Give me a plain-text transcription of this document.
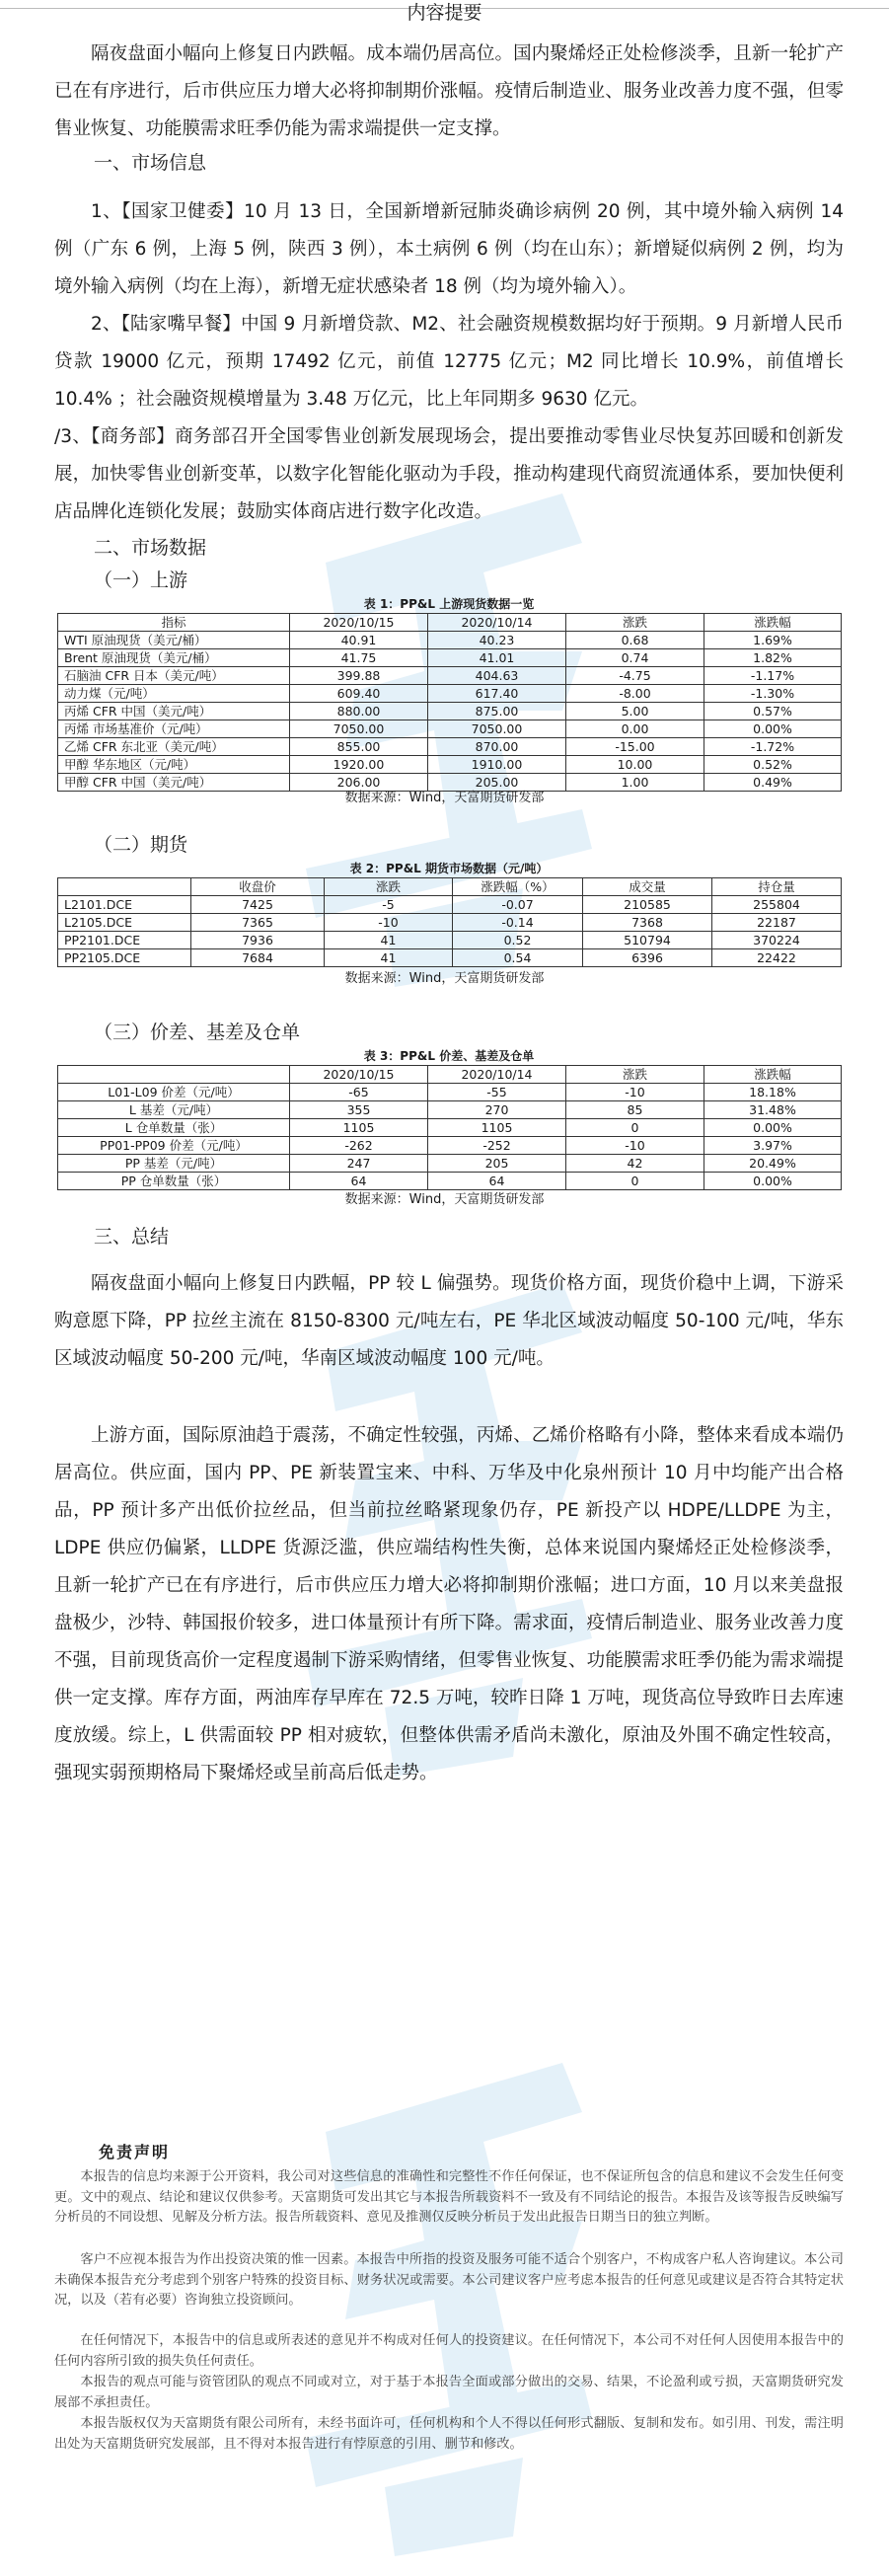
内容提要

隔夜盘面小幅向上修复日内跌幅。成本端仍居高位。国内聚烯烃正处检修淡季，且新一轮扩产已在有序进行，后市供应压力增大必将抑制期价涨幅。疫情后制造业、服务业改善力度不强，但零售业恢复、功能膜需求旺季仍能为需求端提供一定支撑。

一、市场信息

1、【国家卫健委】10 月 13 日，全国新增新冠肺炎确诊病例 20 例，其中境外输入病例 14 例（广东 6 例，上海 5 例，陕西 3 例），本土病例 6 例（均在山东）；新增疑似病例 2 例，均为境外输入病例（均在上海），新增无症状感染者 18 例（均为境外输入）。

2、【陆家嘴早餐】中国 9 月新增贷款、M2、社会融资规模数据均好于预期。9 月新增人民币贷款 19000 亿元，预期 17492 亿元，前值 12775 亿元；M2 同比增长 10.9%，前值增长 10.4% ；社会融资规模增量为 3.48 万亿元，比上年同期多 9630 亿元。

/3、【商务部】商务部召开全国零售业创新发展现场会，提出要推动零售业尽快复苏回暖和创新发展，加快零售业创新变革，以数字化智能化驱动为手段，推动构建现代商贸流通体系，要加快便利店品牌化连锁化发展；鼓励实体商店进行数字化改造。

二、市场数据
（一）上游
表 1：PP&L 上游现货数据一览
指标	2020/10/15	2020/10/14	涨跌	涨跌幅
WTI 原油现货（美元/桶）	40.91	40.23	0.68	1.69%
Brent 原油现货（美元/桶）	41.75	41.01	0.74	1.82%
石脑油 CFR 日本（美元/吨）	399.88	404.63	-4.75	-1.17%
动力煤（元/吨）	609.40	617.40	-8.00	-1.30%
丙烯 CFR 中国（美元/吨）	880.00	875.00	5.00	0.57%
丙烯 市场基准价（元/吨）	7050.00	7050.00	0.00	0.00%
乙烯 CFR 东北亚（美元/吨）	855.00	870.00	-15.00	-1.72%
甲醇 华东地区（元/吨）	1920.00	1910.00	10.00	0.52%
甲醇 CFR 中国（美元/吨）	206.00	205.00	1.00	0.49%
数据来源：Wind，天富期货研发部
（二）期货
表 2：PP&L 期货市场数据（元/吨）
	收盘价	涨跌	涨跌幅（%）	成交量	持仓量
L2101.DCE	7425	-5	-0.07	210585	255804
L2105.DCE	7365	-10	-0.14	7368	22187
PP2101.DCE	7936	41	0.52	510794	370224
PP2105.DCE	7684	41	0.54	6396	22422
数据来源：Wind，天富期货研发部
（三）价差、基差及仓单
表 3：PP&L 价差、基差及仓单
	2020/10/15	2020/10/14	涨跌	涨跌幅
L01-L09 价差（元/吨）	-65	-55	-10	18.18%
L 基差（元/吨）	355	270	85	31.48%
L 仓单数量（张）	1105	1105	0	0.00%
PP01-PP09 价差（元/吨）	-262	-252	-10	3.97%
PP 基差（元/吨）	247	205	42	20.49%
PP 仓单数量（张）	64	64	0	0.00%
数据来源：Wind，天富期货研发部
三、总结

隔夜盘面小幅向上修复日内跌幅，PP 较 L 偏强势。现货价格方面，现货价稳中上调，下游采购意愿下降，PP 拉丝主流在 8150-8300 元/吨左右，PE 华北区域波动幅度 50-100 元/吨，华东区域波动幅度 50-200 元/吨，华南区域波动幅度 100 元/吨。

上游方面，国际原油趋于震荡，不确定性较强，丙烯、乙烯价格略有小降，整体来看成本端仍居高位。供应面，国内 PP、PE 新装置宝来、中科、万华及中化泉州预计 10 月中均能产出合格品，PP 预计多产出低价拉丝品，但当前拉丝略紧现象仍存，PE 新投产以 HDPE/LLDPE 为主，LDPE 供应仍偏紧，LLDPE 货源泛滥，供应端结构性失衡，总体来说国内聚烯烃正处检修淡季，且新一轮扩产已在有序进行，后市供应压力增大必将抑制期价涨幅；进口方面，10 月以来美盘报盘极少，沙特、韩国报价较多，进口体量预计有所下降。需求面，疫情后制造业、服务业改善力度不强，目前现货高价一定程度遏制下游采购情绪，但零售业恢复、功能膜需求旺季仍能为需求端提供一定支撑。库存方面，两油库存早库在 72.5 万吨，较昨日降 1 万吨，现货高位导致昨日去库速度放缓。综上，L 供需面较 PP 相对疲软，但整体供需矛盾尚未激化，原油及外围不确定性较高，强现实弱预期格局下聚烯烃或呈前高后低走势。

免责声明

本报告的信息均来源于公开资料，我公司对这些信息的准确性和完整性不作任何保证，也不保证所包含的信息和建议不会发生任何变更。文中的观点、结论和建议仅供参考。天富期货可发出其它与本报告所载资料不一致及有不同结论的报告。本报告及该等报告反映编写分析员的不同设想、见解及分析方法。报告所载资料、意见及推测仅反映分析员于发出此报告日期当日的独立判断。

客户不应视本报告为作出投资决策的惟一因素。本报告中所指的投资及服务可能不适合个别客户，不构成客户私人咨询建议。本公司未确保本报告充分考虑到个别客户特殊的投资目标、财务状况或需要。本公司建议客户应考虑本报告的任何意见或建议是否符合其特定状况，以及（若有必要）咨询独立投资顾问。

在任何情况下，本报告中的信息或所表述的意见并不构成对任何人的投资建议。在任何情况下，本公司不对任何人因使用本报告中的任何内容所引致的损失负任何责任。

本报告的观点可能与资管团队的观点不同或对立，对于基于本报告全面或部分做出的交易、结果，不论盈利或亏损，天富期货研究发展部不承担责任。

本报告版权仅为天富期货有限公司所有，未经书面许可，任何机构和个人不得以任何形式翻版、复制和发布。如引用、刊发，需注明出处为天富期货研究发展部，且不得对本报告进行有悖原意的引用、删节和修改。
